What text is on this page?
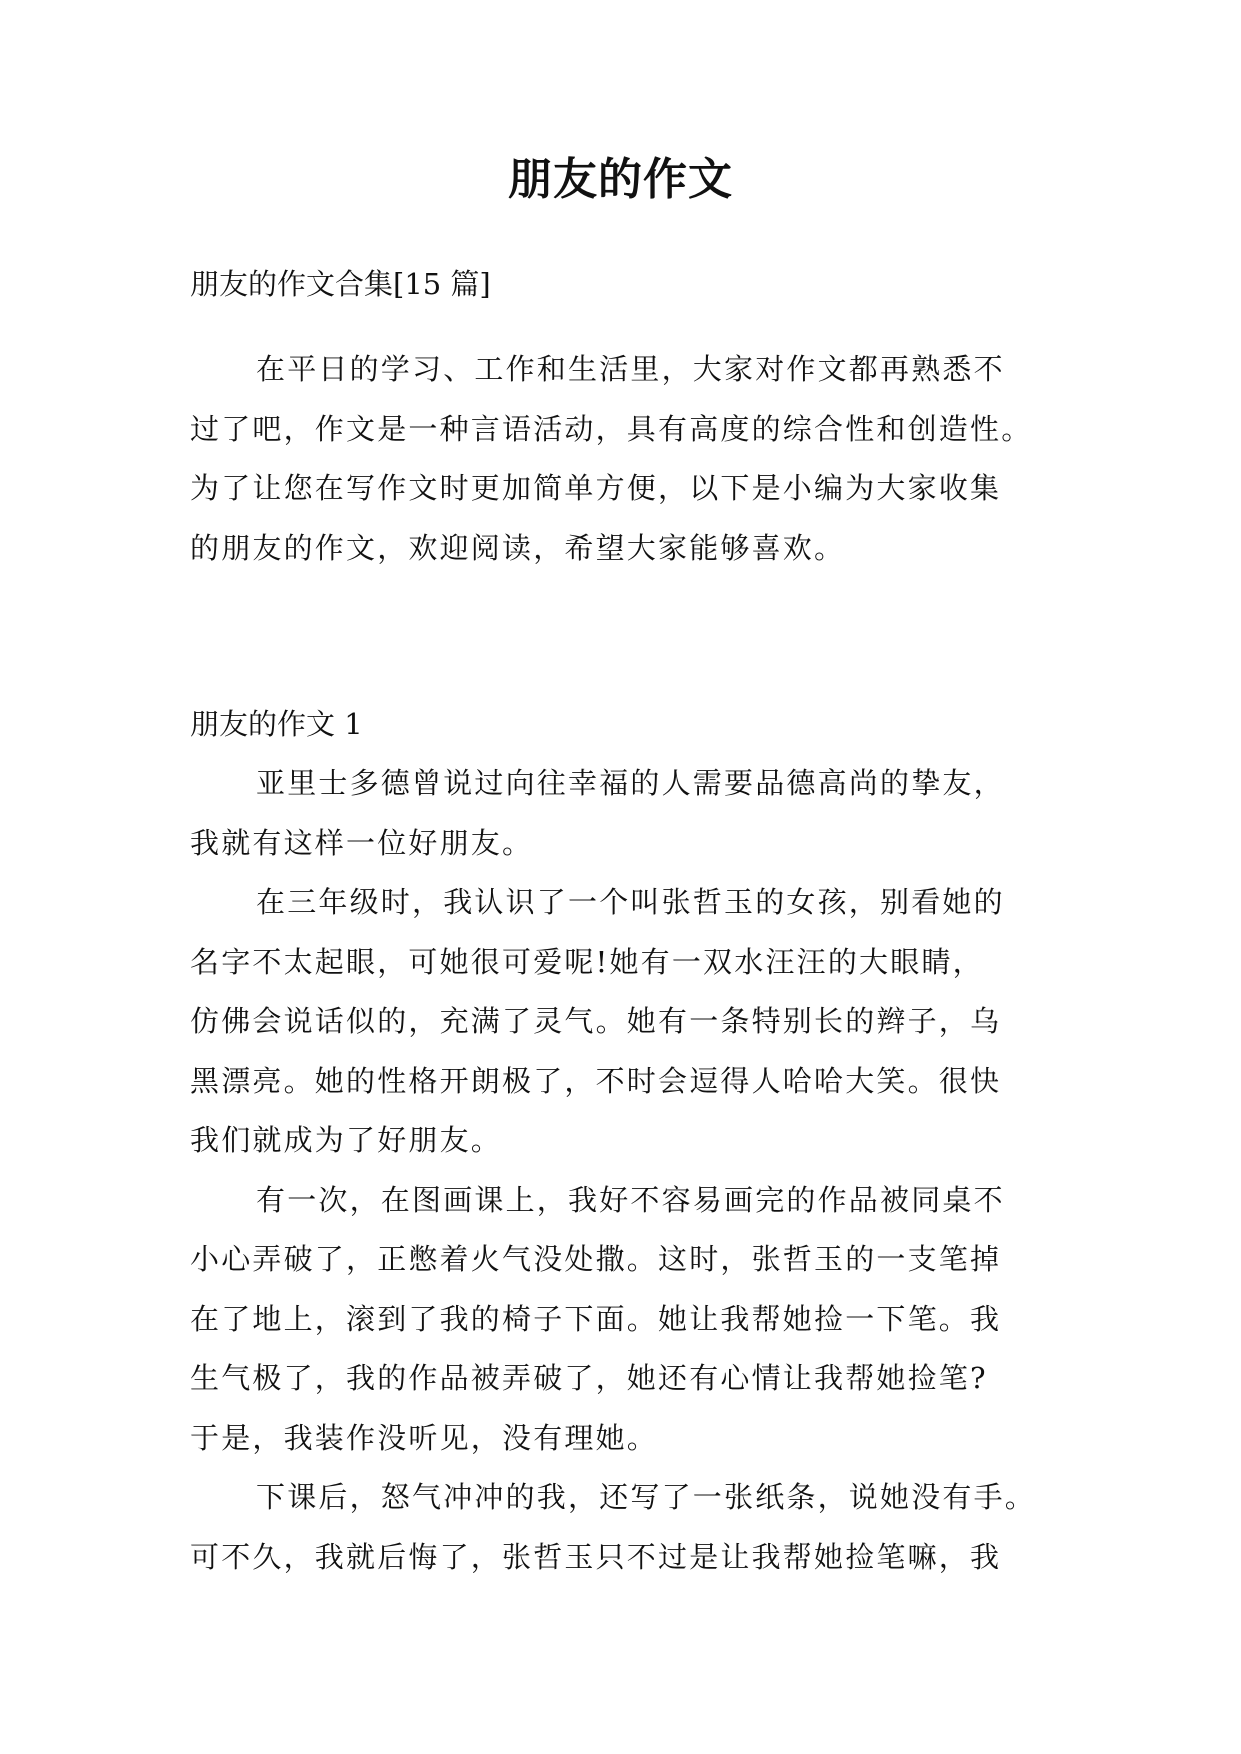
朋友的作文
朋友的作文合集[15 篇]
在平日的学习、工作和生活里，大家对作文都再熟悉不
过了吧，作文是一种言语活动，具有高度的综合性和创造性。
为了让您在写作文时更加简单方便，以下是小编为大家收集
的朋友的作文，欢迎阅读，希望大家能够喜欢。
朋友的作文 1
亚里士多德曾说过向往幸福的人需要品德高尚的挚友，
我就有这样一位好朋友。
在三年级时，我认识了一个叫张哲玉的女孩，别看她的
名字不太起眼，可她很可爱呢!她有一双水汪汪的大眼睛，
仿佛会说话似的，充满了灵气。她有一条特别长的辫子，乌
黑漂亮。她的性格开朗极了，不时会逗得人哈哈大笑。很快
我们就成为了好朋友。
有一次，在图画课上，我好不容易画完的作品被同桌不
小心弄破了，正憋着火气没处撒。这时，张哲玉的一支笔掉
在了地上，滚到了我的椅子下面。她让我帮她捡一下笔。我
生气极了，我的作品被弄破了，她还有心情让我帮她捡笔?
于是，我装作没听见，没有理她。
下课后，怒气冲冲的我，还写了一张纸条，说她没有手。
可不久，我就后悔了，张哲玉只不过是让我帮她捡笔嘛，我
